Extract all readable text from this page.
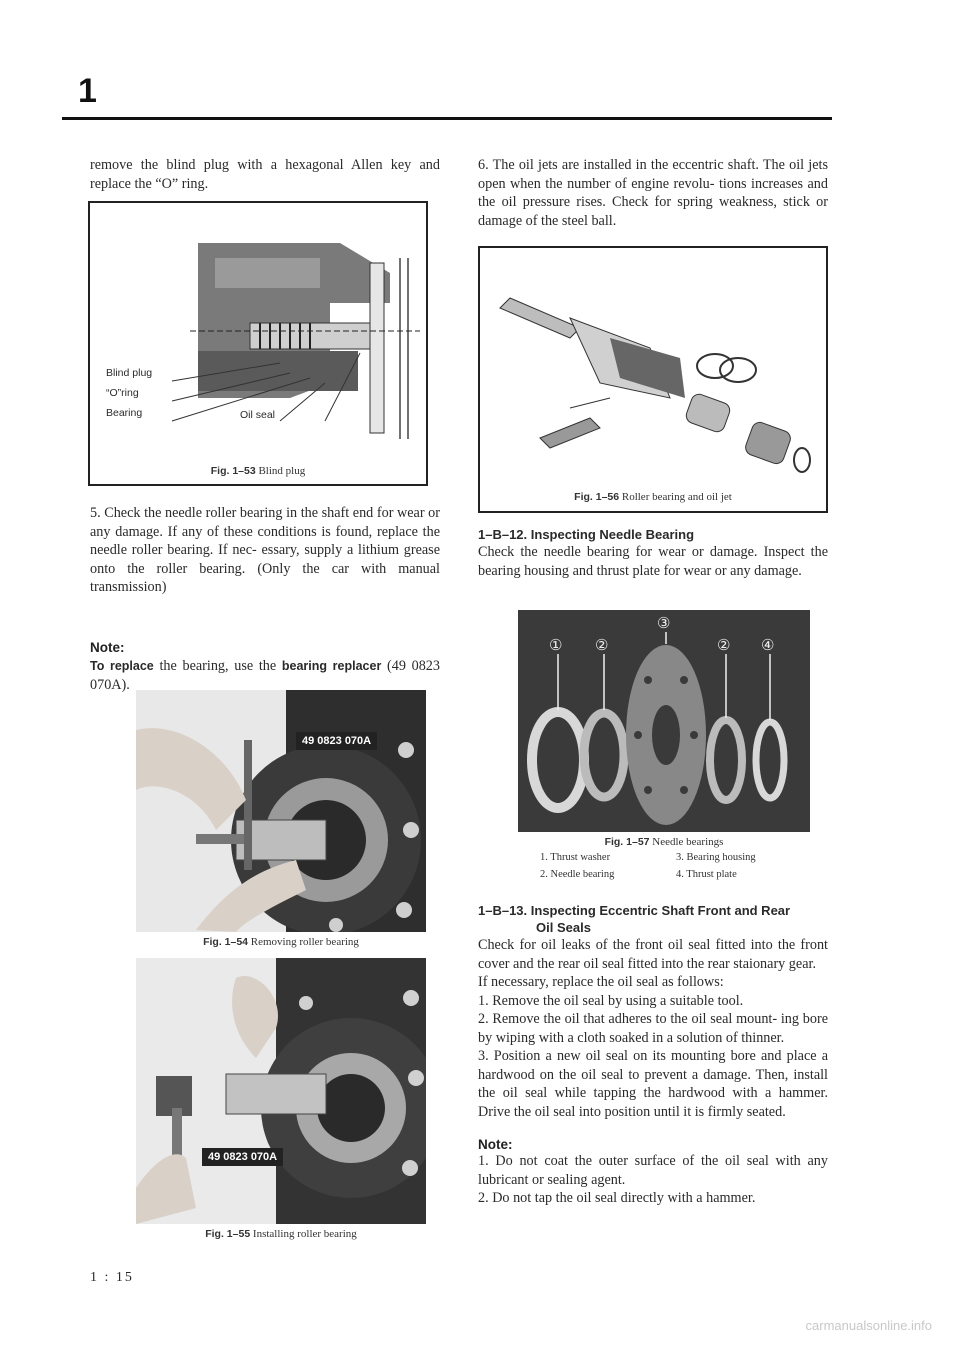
1

remove the blind plug with a hexagonal Allen key and replace the “O” ring.

Blind plug
“O”ring
Bearing	Oil seal
Fig. 1–53 Blind plug

5. Check the needle roller bearing in the shaft end for wear or any damage. If any of these conditions is found, replace the needle roller bearing. If nec- essary, supply a lithium grease onto the roller bearing. (Only the car with manual transmission)

Note:

To replace the bearing, use the bearing replacer (49 0823 070A).

49 0823 070A
Fig. 1–54 Removing roller bearing
49 0823 070A
Fig. 1–55 Installing roller bearing
1 : 15

6. The oil jets are installed in the eccentric shaft. The oil jets open when the number of engine revolu- tions increases and the oil pressure rises. Check for spring weakness, stick or damage of the steel ball.

Fig. 1–56 Roller bearing and oil jet
1–B–12. Inspecting Needle Bearing

Check the needle bearing for wear or damage. Inspect the bearing housing and thrust plate for wear or any damage.

① ②
③
② ④
Fig. 1–57 Needle bearings
1. Thrust washer	3. Bearing housing
2. Needle bearing	4. Thrust plate
1–B–13. Inspecting Eccentric Shaft Front and Rear
Oil Seals

Check for oil leaks of the front oil seal fitted into the front cover and the rear oil seal fitted into the rear staionary gear.

If necessary, replace the oil seal as follows:

1. Remove the oil seal by using a suitable tool.

2. Remove the oil that adheres to the oil seal mount- ing bore by wiping with a cloth soaked in a solution of thinner.

3. Position a new oil seal on its mounting bore and place a hardwood on the oil seal to prevent a damage. Then, install the oil seal while tapping the hardwood with a hammer. Drive the oil seal into position until it is firmly seated.

Note:

1. Do not coat the outer surface of the oil seal with any lubricant or sealing agent.

2. Do not tap the oil seal directly with a hammer.

carmanualsonline.info
